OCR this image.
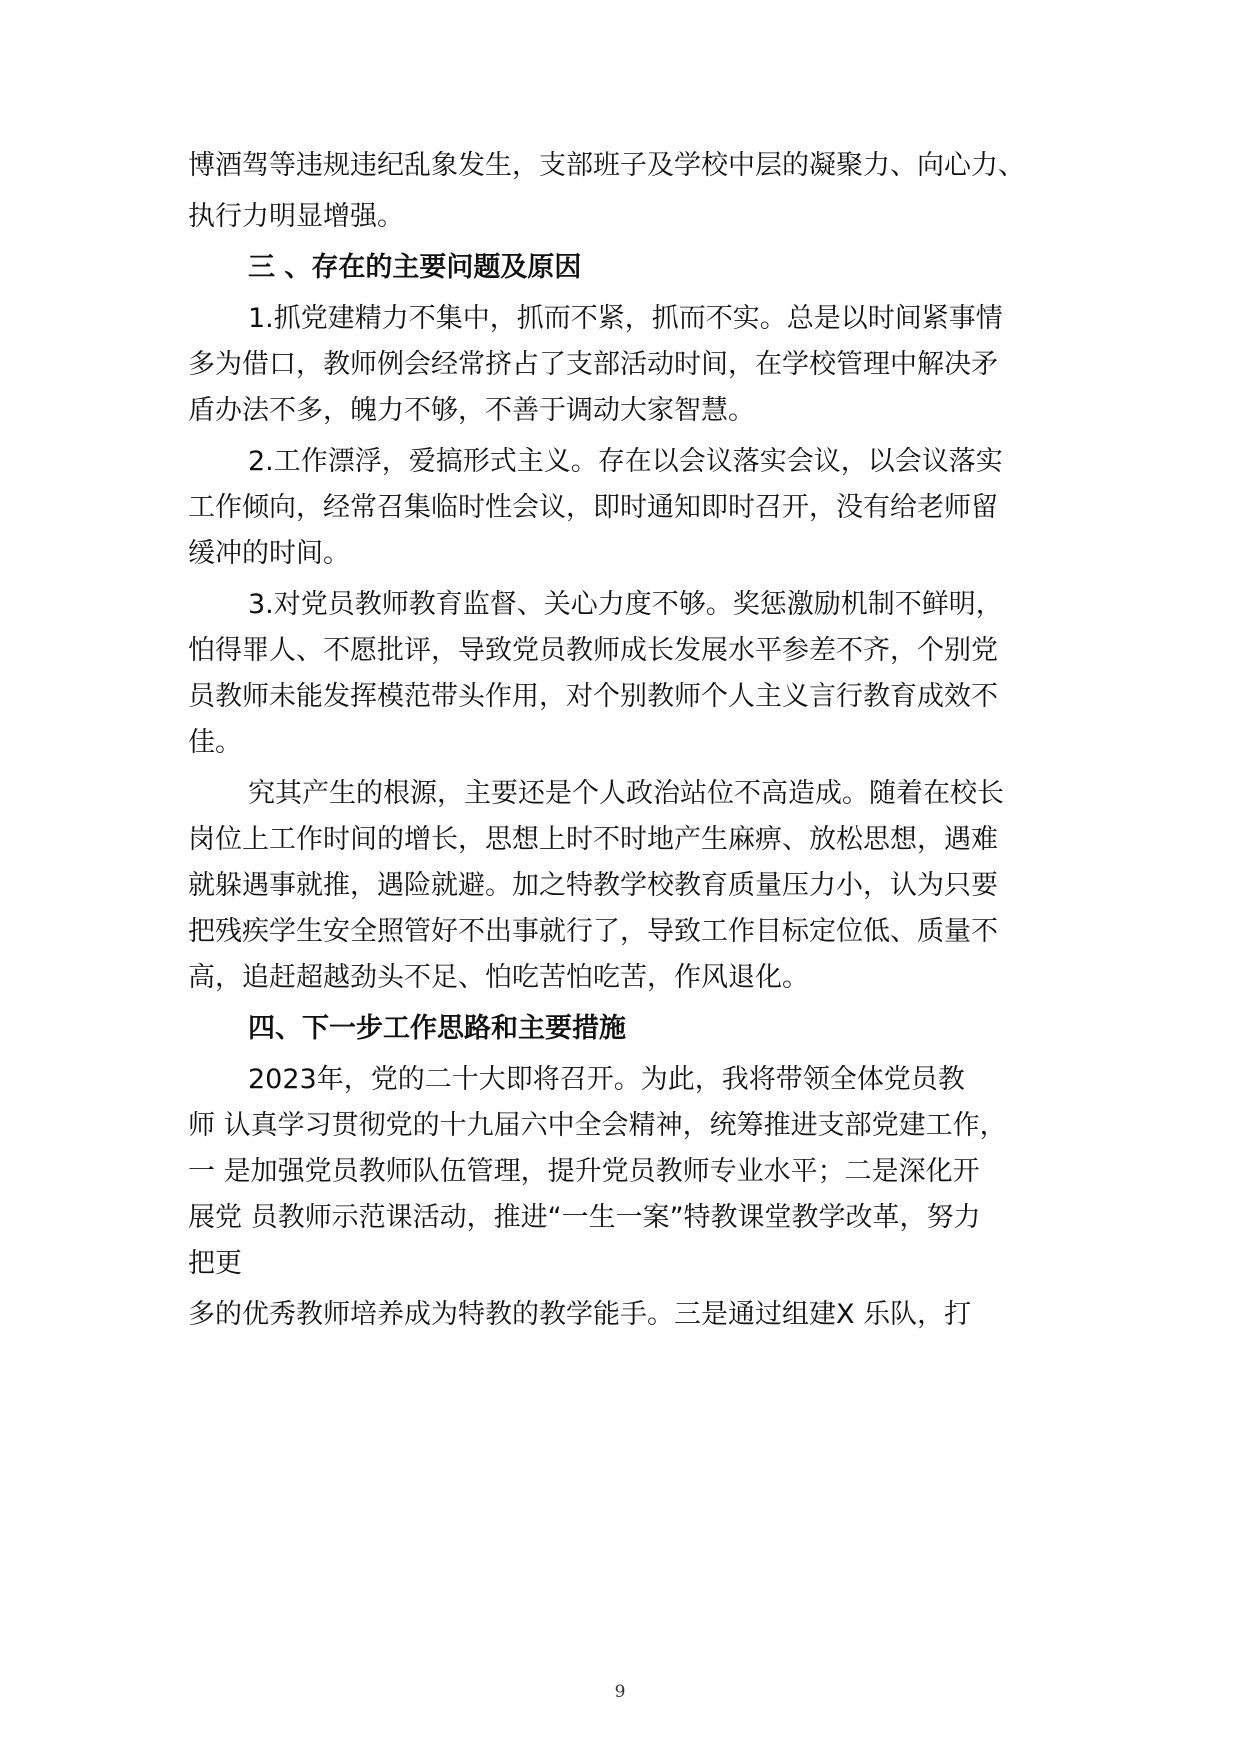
博酒驾等违规违纪乱象发生，支部班子及学校中层的凝聚力、向心力、
执行力明显增强。
三 、存在的主要问题及原因
1.抓党建精力不集中，抓而不紧，抓而不实。总是以时间紧事情
多为借口，教师例会经常挤占了支部活动时间，在学校管理中解决矛
盾办法不多，魄力不够，不善于调动大家智慧。
2.工作漂浮，爱搞形式主义。存在以会议落实会议，以会议落实
工作倾向，经常召集临时性会议，即时通知即时召开，没有给老师留
缓冲的时间。
3.对党员教师教育监督、关心力度不够。奖惩激励机制不鲜明，
怕得罪人、不愿批评，导致党员教师成长发展水平参差不齐，个别党
员教师未能发挥模范带头作用，对个别教师个人主义言行教育成效不
佳。
究其产生的根源，主要还是个人政治站位不高造成。随着在校长
岗位上工作时间的增长，思想上时不时地产生麻痹、放松思想，遇难
就躲遇事就推，遇险就避。加之特教学校教育质量压力小，认为只要
把残疾学生安全照管好不出事就行了，导致工作目标定位低、质量不
高，追赶超越劲头不足、怕吃苦怕吃苦，作风退化。
四、下一步工作思路和主要措施
2023年，党的二十大即将召开。为此，我将带领全体党员教
师 认真学习贯彻党的十九届六中全会精神，统筹推进支部党建工作，
一 是加强党员教师队伍管理，提升党员教师专业水平；二是深化开
展党 员教师示范课活动，推进“一生一案”特教课堂教学改革，努力
把更
多的优秀教师培养成为特教的教学能手。三是通过组建X 乐队，打
9
